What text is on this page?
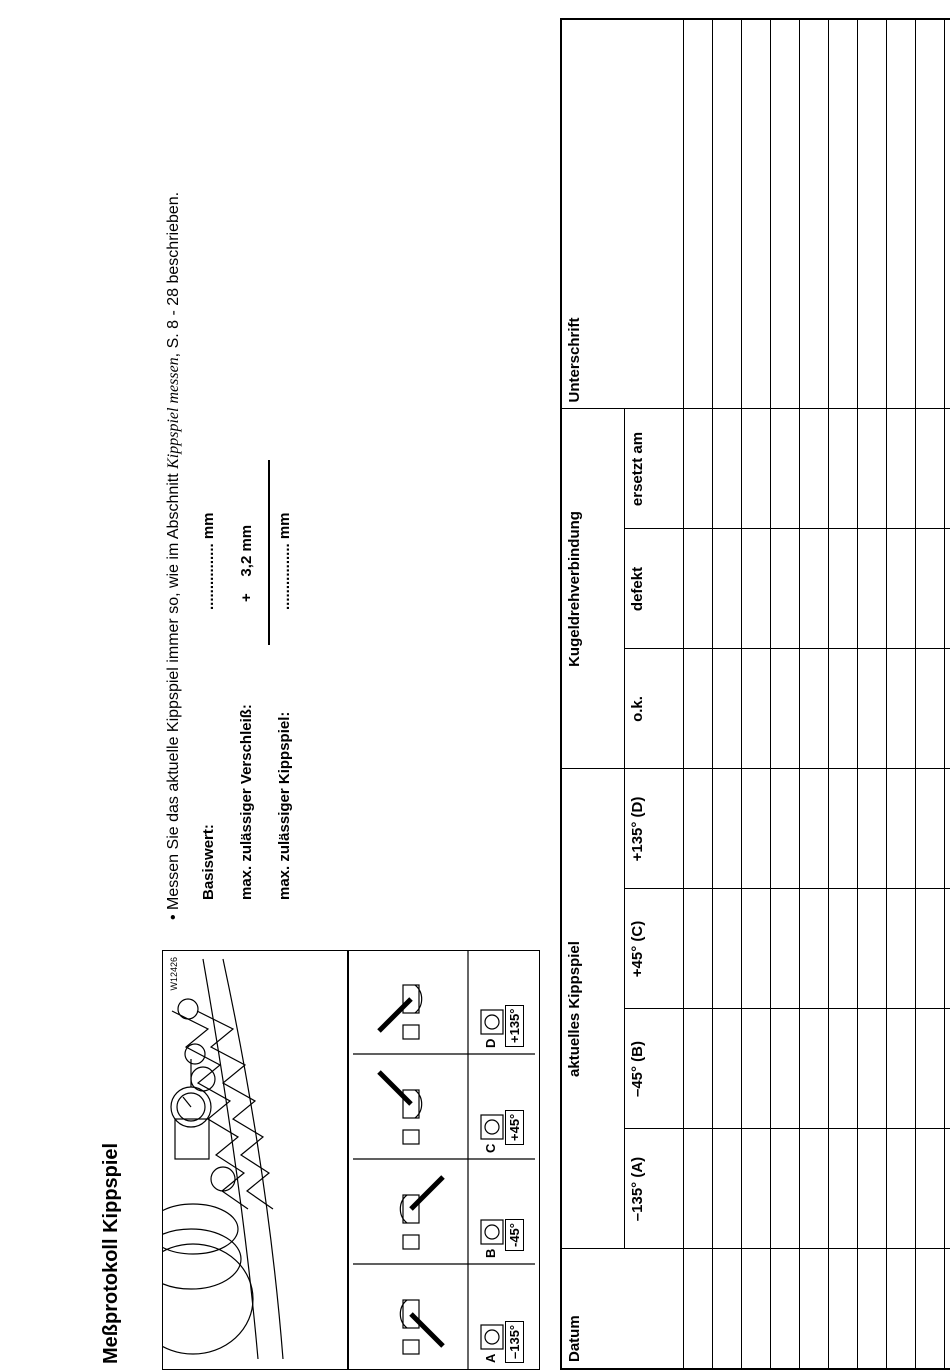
Meßprotokoll Kippspiel
W12426
A –135°
B
-45°
C
+45°
D
+135°
• Messen Sie das aktuelle Kippspiel immer so, wie im Abschnitt Kippspiel messen, S. 8 - 28 beschrieben.
Basiswert:
................ mm
max. zulässiger Verschleiß:
+    3,2 mm
max. zulässiger Kippspiel:
................ mm
Datum	aktuelles Kippspiel				Kugeldrehverbindung			Unterschrift
	–135° (A)	–45° (B)	+45° (C)	+135° (D)	o.k.	defekt	ersetzt am	
